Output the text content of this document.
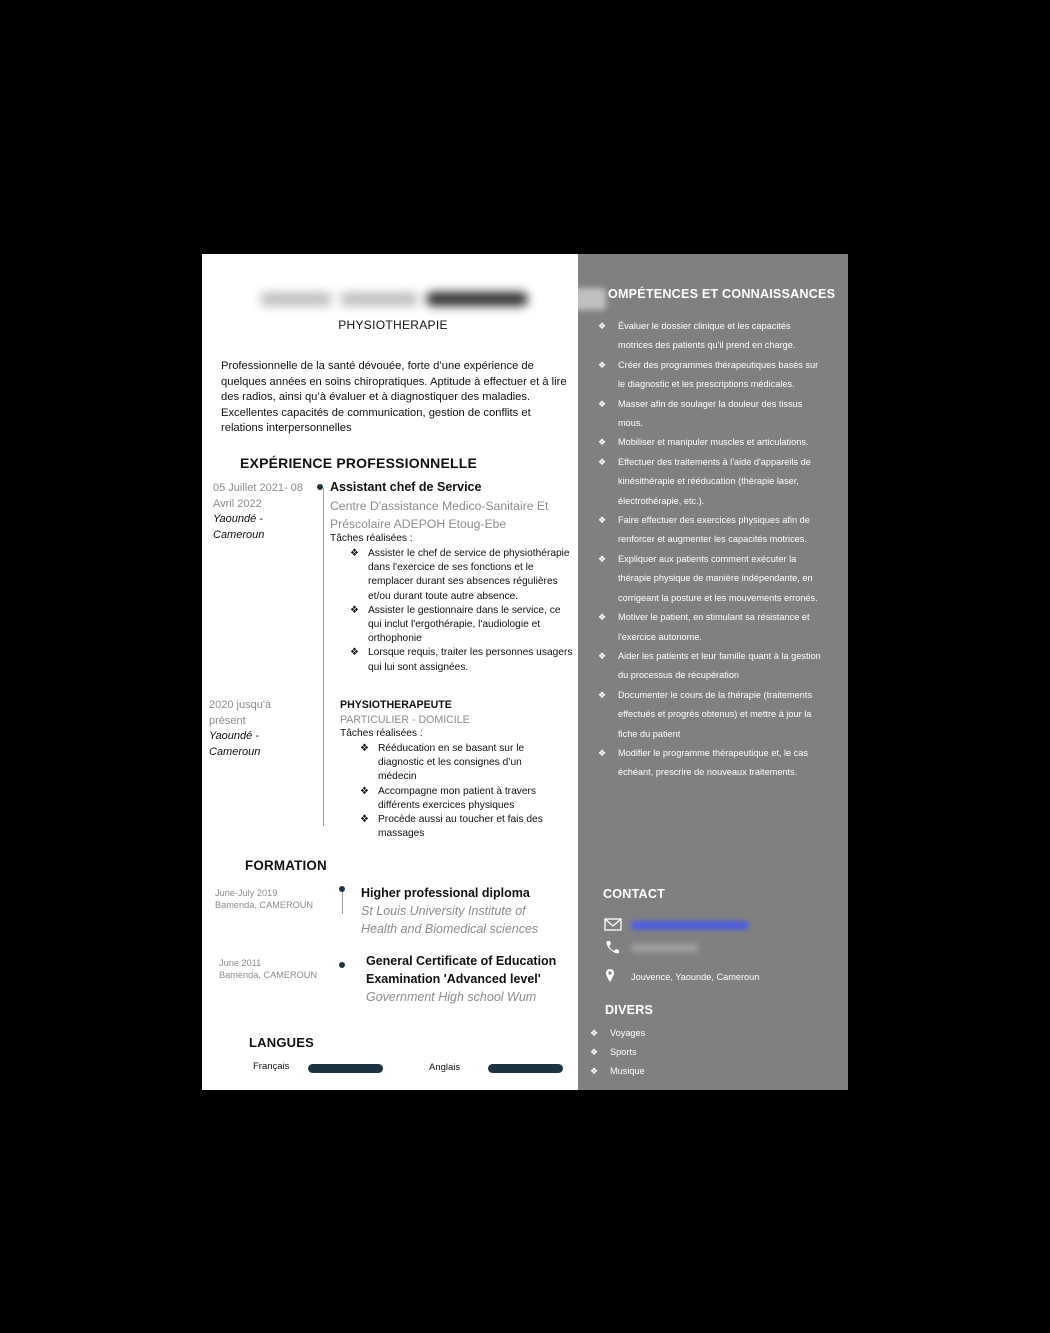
PHYSIOTHERAPIE
Professionnelle de la santé dévouée, forte d’une expérience de quelques années en soins chiropratiques. Aptitude à effectuer et à lire des radios, ainsi qu’à évaluer et à diagnostiquer des maladies. Excellentes capacités de communication, gestion de conflits et relations interpersonnelles
EXPÉRIENCE PROFESSIONNELLE
05 Juillet 2021- 08 Avril 2022
Yaoundé - Cameroun
Assistant chef de Service
Centre D'assistance Medico-Sanitaire Et Préscolaire ADEPOH Etoug-Ebe
Tâches réalisées :
❖ Assister le chef de service de physiothérapie dans l'exercice de ses fonctions et le remplacer durant ses absences régulières et/ou durant toute autre absence.
❖ Assister le gestionnaire dans le service, ce qui inclut l'ergothérapie, l'audiologie et orthophonie
❖ Lorsque requis, traiter les personnes usagers qui lui sont assignées.
2020 jusqu'à présent
Yaoundé - Cameroun
PHYSIOTHERAPEUTE
PARTICULIER - DOMICILE
Tâches réalisées :
❖ Rééducation en se basant sur le diagnostic et les consignes d’un médecin
❖ Accompagne mon patient à travers différents exercices physiques
❖ Procède aussi au toucher et fais des massages
FORMATION
June-July 2019
Bamenda, CAMEROUN
Higher professional diploma
St Louis University Institute of Health and Biomedical sciences
June 2011
Bamenda, CAMEROUN
General Certificate of Education Examination 'Advanced level'
Government High school Wum
LANGUES
Français	Anglais
OMPÉTENCES ET CONNAISSANCES
❖ Évaluer le dossier clinique et les capacités motrices des patients qu'il prend en charge.
❖ Créer des programmes thérapeutiques basés sur le diagnostic et les prescriptions médicales.
❖ Masser afin de soulager la douleur des tissus mous.
❖ Mobiliser et manipuler muscles et articulations.
❖ Effectuer des traitements à l'aide d'appareils de kinésithérapie et rééducation (thérapie laser, électrothérapie, etc.).
❖ Faire effectuer des exercices physiques afin de renforcer et augmenter les capacités motrices.
❖ Expliquer aux patients comment exécuter la thérapie physique de manière indépendante, en corrigeant la posture et les mouvements erronés.
❖ Motiver le patient, en stimulant sa résistance et l'exercice autonome.
❖ Aider les patients et leur famille quant à la gestion du processus de récupération
❖ Documenter le cours de la thérapie (traitements effectués et progrès obtenus) et mettre à jour la fiche du patient
❖ Modifier le programme thérapeutique et, le cas échéant, prescrire de nouveaux traitements.
CONTACT
Jouvence, Yaounde, Cameroun
DIVERS
❖ Voyages
❖ Sports
❖ Musique
